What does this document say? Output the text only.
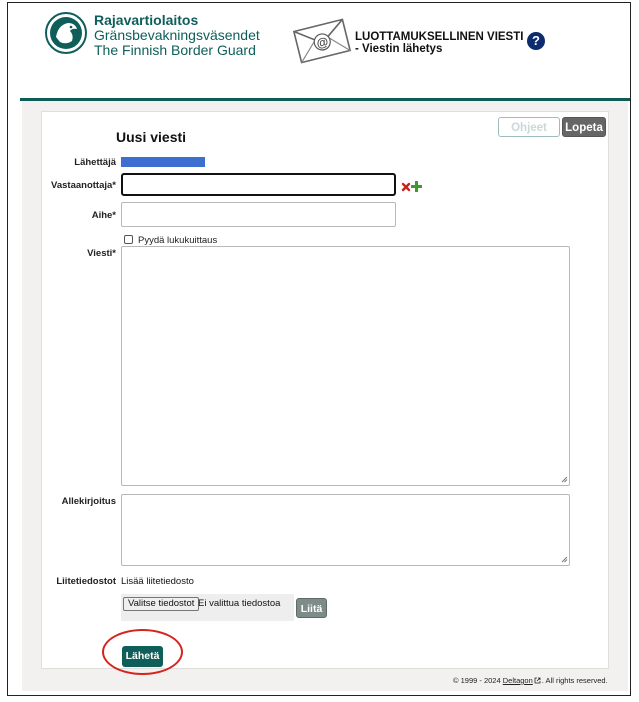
Rajavartiolaitos
Gränsbevakningsväsendet
The Finnish Border Guard	@ LUOTTAMUKSELLINEN VIESTI
- Viestin lähetys
?
Ohjeet	Lopeta
Uusi viesti
Lähettäjä
Vastaanottaja*
Aihe*
Pyydä lukukuittaus
Viesti*
Allekirjoitus
Liitetiedostot Lisää liitetiedosto
Valitse tiedostot Ei valittua tiedostoa	Liitä
Lähetä
© 1999 - 2024 Deltagon . All rights reserved.
